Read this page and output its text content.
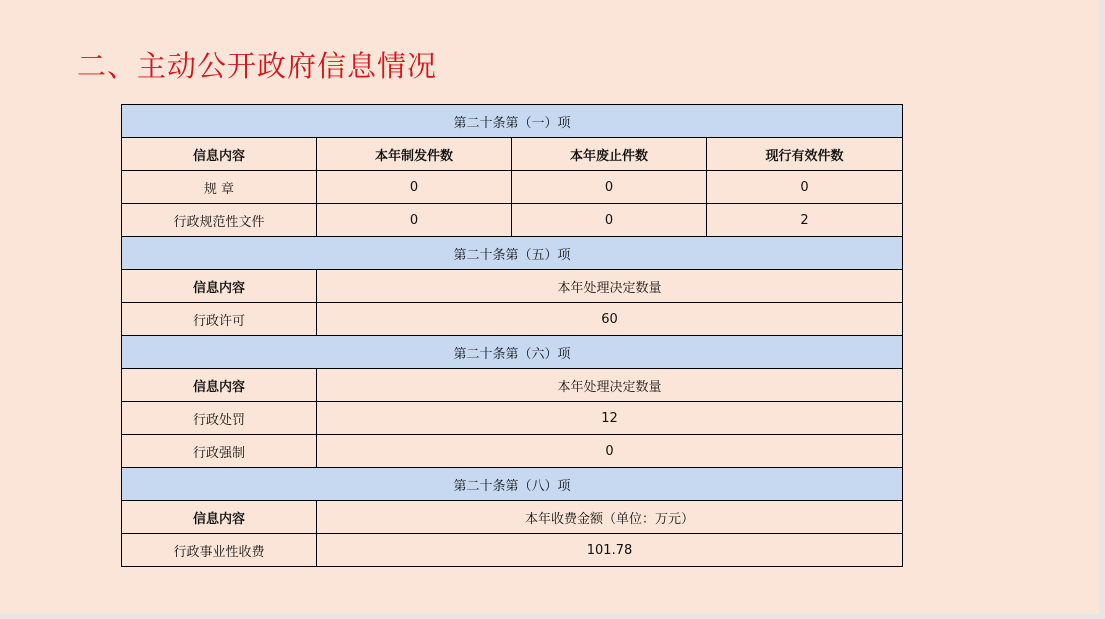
二、主动公开政府信息情况
第二十条第（一）项			
信息内容	本年制发件数	本年废止件数	现行有效件数
规 章	0	0	0
行政规范性文件	0	0	2
第二十条第（五）项			
信息内容	本年处理决定数量		
行政许可	60		
第二十条第（六）项			
信息内容	本年处理决定数量		
行政处罚	12		
行政强制	0		
第二十条第（八）项			
信息内容	本年收费金额（单位：万元）		
行政事业性收费	101.78		
